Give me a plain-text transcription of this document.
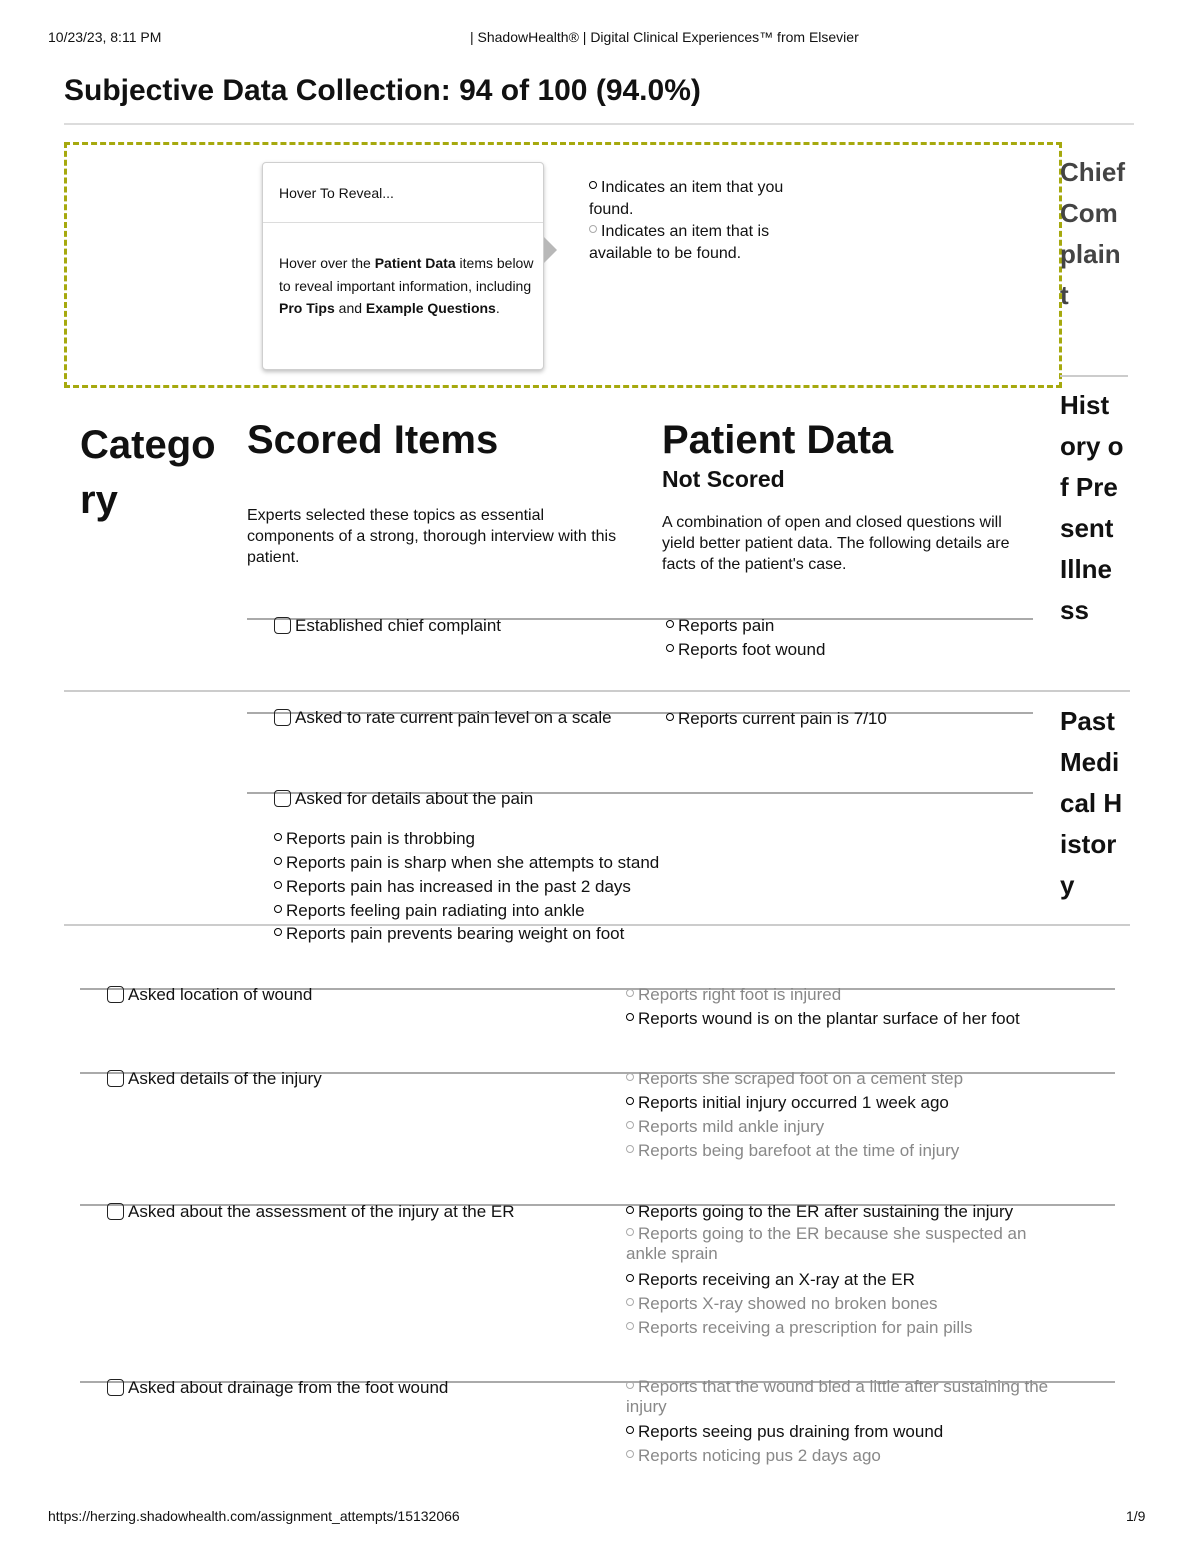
10/23/23, 8:11 PM	| ShadowHealth® | Digital Clinical Experiences™ from Elsevier
Subjective Data Collection: 94 of 100 (94.0%)
Hover To Reveal...
Hover over the Patient Data items below to reveal important information, including Pro Tips and Example Questions.
Indicates an item that you found.
Indicates an item that is available to be found.
Chief Complaint
History of Present Illness
Past Medical History
Category
Scored Items
Experts selected these topics as essential components of a strong, thorough interview with this patient.
Patient Data
Not Scored
A combination of open and closed questions will yield better patient data. The following details are facts of the patient's case.
Established chief complaint	Reports pain
Reports foot wound
Asked to rate current pain level on a scale	Reports current pain is 7/10
Asked for details about the pain
Reports pain is throbbing
Reports pain is sharp when she attempts to stand
Reports pain has increased in the past 2 days
Reports feeling pain radiating into ankle
Reports pain prevents bearing weight on foot
Asked location of wound	Reports right foot is injured
Reports wound is on the plantar surface of her foot
Asked details of the injury	Reports she scraped foot on a cement step
Reports initial injury occurred 1 week ago
Reports mild ankle injury
Reports being barefoot at the time of injury
Asked about the assessment of the injury at the ER	Reports going to the ER after sustaining the injury
Reports going to the ER because she suspected an ankle sprain
Reports receiving an X-ray at the ER
Reports X-ray showed no broken bones
Reports receiving a prescription for pain pills
Asked about drainage from the foot wound	Reports that the wound bled a little after sustaining the injury
Reports seeing pus draining from wound
Reports noticing pus 2 days ago
https://herzing.shadowhealth.com/assignment_attempts/15132066	1/9
